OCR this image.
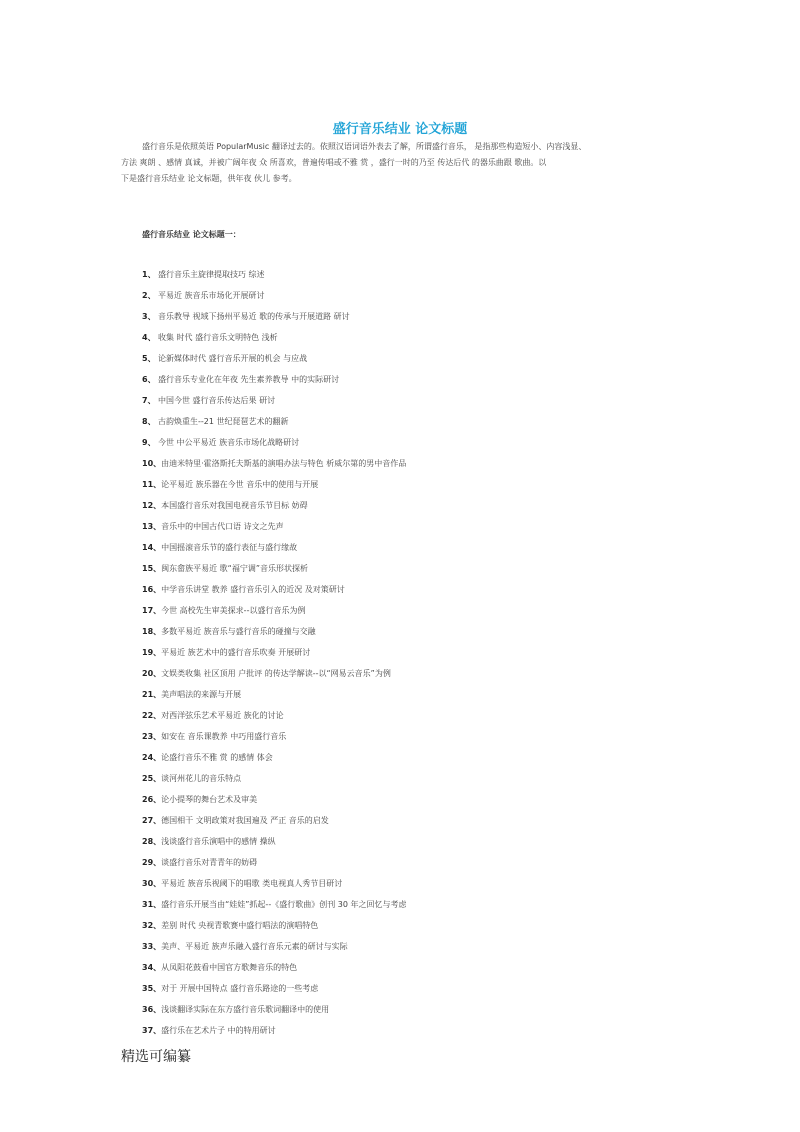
盛行音乐结业 论文标题
盛行音乐是依照英语 PopularMusic 翻译过去的。依照汉语词语外表去了解，所谓盛行音乐， 是指那些构造短小、内容浅显、
方法 爽朗 、感情 真诚，并被广阔年夜 众 所喜欢，普遍传唱或不雅 赏 ，盛行一时的乃至 传达后代 的器乐曲跟 歌曲。以
下是盛行音乐结业 论文标题，供年夜 伙儿 参考。
盛行音乐结业 论文标题一：
1、 盛行音乐主旋律提取技巧 综述
2、 平易近 族音乐市场化开展研讨
3、 音乐教导 视域下扬州平易近 歌的传承与开展道路 研讨
4、 收集 时代 盛行音乐文明特色 浅析
5、 论新媒体时代 盛行音乐开展的机会 与应战
6、 盛行音乐专业化在年夜 先生素养教导 中的实际研讨
7、 中国今世 盛行音乐传达后果 研讨
8、 古韵焕重生--21 世纪琵琶艺术的翻新
9、 今世 中公平易近 族音乐市场化战略研讨
10、由迪米特里·霍洛斯托夫斯基的演唱办法与特色 析威尔第的男中音作品
11、论平易近 族乐器在今世 音乐中的使用与开展
12、本国盛行音乐对我国电视音乐节目标 妨碍
13、音乐中的中国古代口语 诗文之先声
14、中国摇滚音乐节的盛行表征与盛行缘故
15、闽东畲族平易近 歌“福宁调”音乐形状探析
16、中学音乐讲堂 教养 盛行音乐引入的近况 及对策研讨
17、今世 高校先生审美探求--以盛行音乐为例
18、多数平易近 族音乐与盛行音乐的碰撞与交融
19、平易近 族艺术中的盛行音乐吹奏 开展研讨
20、文娱类收集 社区顶用 户批评 的传达学解读--以“网易云音乐”为例
21、美声唱法的来源与开展
22、对西洋弦乐艺术平易近 族化的讨论
23、如安在 音乐课教养 中巧用盛行音乐
24、论盛行音乐不雅 赏 的感情 体会
25、谈河州花儿的音乐特点
26、论小提琴的舞台艺术及审美
27、德国相干 文明政策对我国遍及 严正 音乐的启发
28、浅谈盛行音乐演唱中的感情 操纵
29、谈盛行音乐对青青年的妨碍
30、平易近 族音乐视阈下的唱歌 类电视真人秀节目研讨
31、盛行音乐开展当由“娃娃”抓起--《盛行歌曲》创刊 30 年之回忆与考虑
32、差别 时代 央视青歌赛中盛行唱法的演唱特色
33、美声、平易近 族声乐融入盛行音乐元素的研讨与实际
34、从凤阳花鼓看中国官方歌舞音乐的特色
35、对于 开展中国特点 盛行音乐路途的一些考虑
36、浅谈翻译实际在东方盛行音乐歌词翻译中的使用
37、盛行乐在艺术片子 中的特用研讨
精选可编纂
